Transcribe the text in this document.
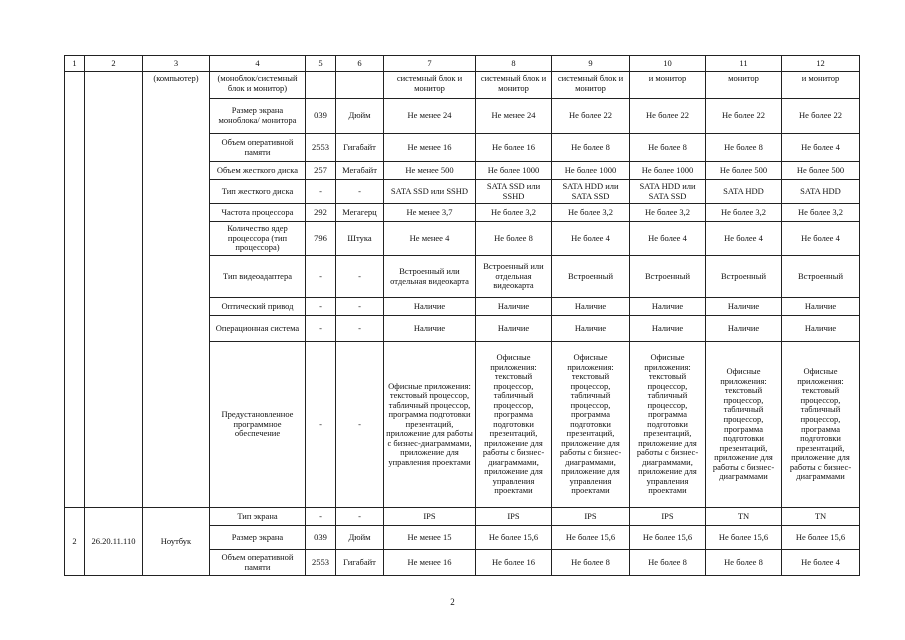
1	2	3	4	5	6	7	8	9	10	11	12
		(компьютер)	(моноблок/системный блок и монитор)			системный блок и монитор	системный блок и монитор	системный блок и монитор	и монитор	монитор	и монитор
			Размер экрана моноблока/ монитора	039	Дюйм	Не менее 24	Не менее 24	Не более 22	Не более 22	Не более 22	Не более 22
			Объем оперативной памяти	2553	Гигабайт	Не менее 16	Не более 16	Не более 8	Не более 8	Не более 8	Не более 4
			Объем жесткого диска	257	Мегабайт	Не менее 500	Не более 1000	Не более 1000	Не более 1000	Не более 500	Не более 500
			Тип жесткого диска	-	-	SATA SSD или SSHD	SATA SSD или SSHD	SATA HDD или SATA SSD	SATA HDD или SATA SSD	SATA HDD	SATA HDD
			Частота процессора	292	Мегагерц	Не менее 3,7	Не более 3,2	Не более 3,2	Не более 3,2	Не более 3,2	Не более 3,2
			Количество ядер процессора (тип процессора)	796	Штука	Не менее 4	Не более 8	Не более 4	Не более 4	Не более 4	Не более 4
			Тип видеоадаптера	-	-	Встроенный или отдельная видеокарта	Встроенный или отдельная видеокарта	Встроенный	Встроенный	Встроенный	Встроенный
			Оптический привод	-	-	Наличие	Наличие	Наличие	Наличие	Наличие	Наличие
			Операционная система	-	-	Наличие	Наличие	Наличие	Наличие	Наличие	Наличие
			Предустановленное программное обеспечение	-	-	Офисные приложения: текстовый процессор, табличный процессор, программа подготовки презентаций, приложение для работы с бизнес-диаграммами, приложение для управления проектами	Офисные приложения: текстовый процессор, табличный процессор, программа подготовки презентаций, приложение для работы с бизнес-диаграммами, приложение для управления проектами	Офисные приложения: текстовый процессор, табличный процессор, программа подготовки презентаций, приложение для работы с бизнес-диаграммами, приложение для управления проектами	Офисные приложения: текстовый процессор, табличный процессор, программа подготовки презентаций, приложение для работы с бизнес-диаграммами, приложение для управления проектами	Офисные приложения: текстовый процессор, табличный процессор, программа подготовки презентаций, приложение для работы с бизнес-диаграммами	Офисные приложения: текстовый процессор, табличный процессор, программа подготовки презентаций, приложение для работы с бизнес-диаграммами
2	26.20.11.110	Ноутбук	Тип экрана	-	-	IPS	IPS	IPS	IPS	TN	TN
			Размер экрана	039	Дюйм	Не менее 15	Не более 15,6	Не более 15,6	Не более 15,6	Не более 15,6	Не более 15,6
			Объем оперативной памяти	2553	Гигабайт	Не менее 16	Не более 16	Не более 8	Не более 8	Не более 8	Не более 4
2
